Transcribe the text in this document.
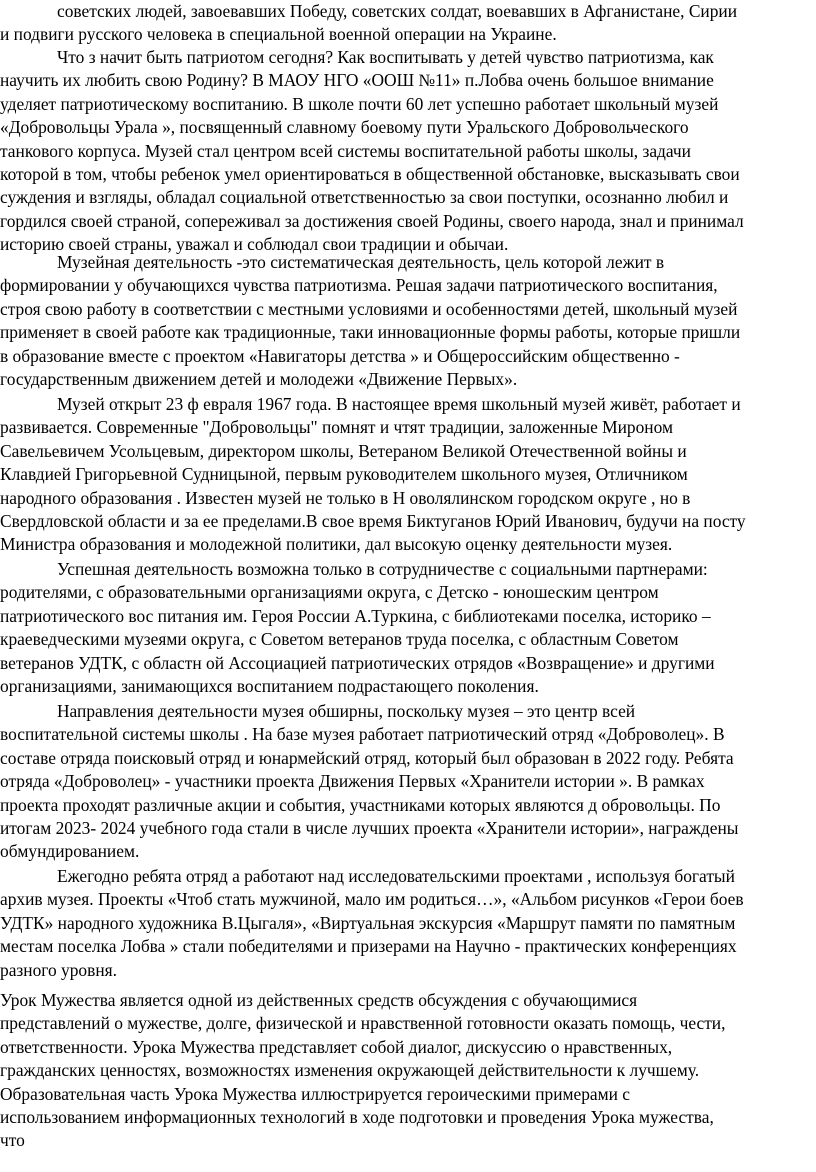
советских людей, завоевавших Победу, советских солдат, воевавших в Афганистане, Сирии
и подвиги русского человека в специальной военной операции на Украине.
Что з начит быть патриотом сегодня? Как воспитывать у детей чувство патриотизма, как
научить их любить свою Родину? В МАОУ НГО «ООШ №11» п.Лобва очень большое внимание
уделяет патриотическому воспитанию. В школе почти 60 лет успешно работает школьный музей
«Добровольцы Урала », посвященный славному боевому пути Уральского Добровольческого
танкового корпуса. Музей стал центром всей системы воспитательной работы школы, задачи
которой в том, чтобы ребенок умел ориентироваться в общественной обстановке, высказывать свои
суждения и взгляды, обладал социальной ответственностью за свои поступки, осознанно любил и
гордился своей страной, сопереживал за достижения своей Родины, своего народа, знал и принимал
историю своей страны, уважал и соблюдал свои традиции и обычаи.
Музейная деятельность -это систематическая деятельность, цель которой лежит в
формировании у обучающихся чувства патриотизма. Решая задачи патриотического воспитания,
строя свою работу в соответствии с местными условиями и особенностями детей, школьный музей
применяет в своей работе как традиционные, таки инновационные формы работы, которые пришли
в образование вместе с проектом «Навигаторы детства » и Общероссийским общественно -
государственным движением детей и молодежи «Движение Первых».
Музей открыт 23 ф евраля 1967 года. В настоящее время школьный музей живёт, работает и
развивается. Современные "Добровольцы" помнят и чтят традиции, заложенные Мироном
Савельевичем Усольцевым, директором школы, Ветераном Великой Отечественной войны и
Клавдией Григорьевной Судницыной, первым руководителем школьного музея, Отличником
народного образования . Известен музей не только в Н оволялинском городском округе , но в
Свердловской области и за ее пределами.В свое время Биктуганов Юрий Иванович, будучи на посту
Министра образования и молодежной политики, дал высокую оценку деятельности музея.
Успешная деятельность возможна только в сотрудничестве с социальными партнерами:
родителями, с образовательными организациями округа, с Детско - юношеским центром
патриотического вос питания им. Героя России А.Туркина, с библиотеками поселка, историко –
краеведческими музеями округа, с Советом ветеранов труда поселка, с областным Советом
ветеранов УДТК, с областн ой Ассоциацией патриотических отрядов «Возвращение» и другими
организациями, занимающихся воспитанием подрастающего поколения.
Направления деятельности музея обширны, поскольку музея – это центр всей
воспитательной системы школы . На базе музея работает патриотический отряд «Доброволец». В
составе отряда поисковый отряд и юнармейский отряд, который был образован в 2022 году. Ребята
отряда «Доброволец» - участники проекта Движения Первых «Хранители истории ». В рамках
проекта проходят различные акции и события, участниками которых являются д обровольцы. По
итогам 2023- 2024 учебного года стали в числе лучших проекта «Хранители истории», награждены
обмундированием.
Ежегодно ребята отряд а работают над исследовательскими проектами , используя богатый
архив музея. Проекты «Чтоб стать мужчиной, мало им родиться…», «Альбом рисунков «Герои боев
УДТК» народного художника В.Цыгаля», «Виртуальная экскурсия «Маршрут памяти по памятным
местам поселка Лобва » стали победителями и призерами на Научно - практических конференциях
разного уровня.
Урок Мужества является одной из действенных средств обсуждения с обучающимися
представлений о мужестве, долге, физической и нравственной готовности оказать помощь, чести,
ответственности. Урока Мужества представляет собой диалог, дискуссию о нравственных,
гражданских ценностях, возможностях изменения окружающей действительности к лучшему.
Образовательная часть Урока Мужества иллюстрируется героическими примерами с
использованием информационных технологий в ходе подготовки и проведения Урока мужества,
что
